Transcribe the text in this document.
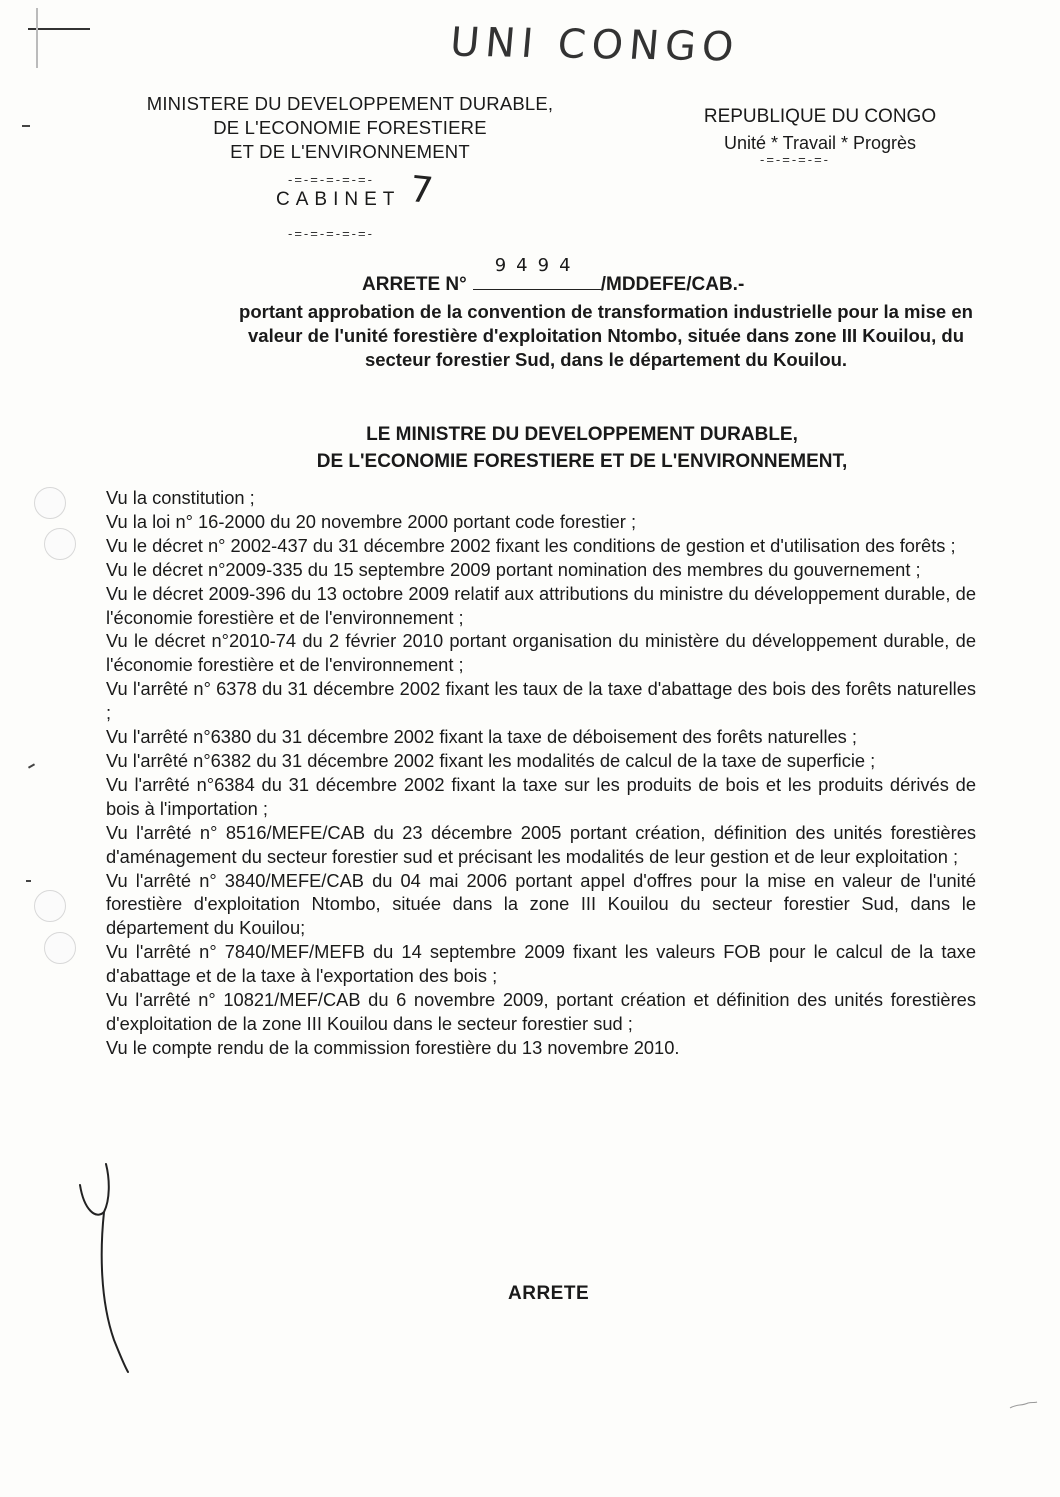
UNI CONGO
MINISTERE DU DEVELOPPEMENT DURABLE,
DE L'ECONOMIE FORESTIERE
ET DE L'ENVIRONNEMENT
-=-=-=-=-=-
CABINET 7
-=-=-=-=-=-
REPUBLIQUE DU CONGO
Unité * Travail * Progrès
-=-=-=-=-
ARRETE N°
9494
/MDDEFE/CAB.-
portant approbation de la convention de transformation industrielle pour la mise en valeur de l'unité forestière d'exploitation Ntombo, située dans zone III Kouilou, du secteur forestier Sud, dans le département du Kouilou.
LE MINISTRE DU DEVELOPPEMENT DURABLE,
DE L'ECONOMIE FORESTIERE ET DE L'ENVIRONNEMENT,

Vu la constitution ;

Vu la loi n° 16-2000 du 20 novembre 2000 portant code forestier ;

Vu le décret n° 2002-437 du 31 décembre 2002 fixant les conditions de gestion et d'utilisation des forêts ;

Vu le décret n°2009-335 du 15 septembre 2009 portant nomination des membres du gouvernement ;

Vu le décret 2009-396 du 13 octobre 2009 relatif aux attributions du ministre du développement durable, de l'économie forestière et de l'environnement ;

Vu le décret n°2010-74 du 2 février 2010 portant organisation du ministère du développement durable, de l'économie forestière et de l'environnement ;

Vu l'arrêté n° 6378 du 31 décembre 2002 fixant les taux de la taxe d'abattage des bois des forêts naturelles ;

Vu l'arrêté n°6380 du 31 décembre 2002 fixant la taxe de déboisement des forêts naturelles ;

Vu l'arrêté n°6382 du 31 décembre 2002 fixant les modalités de calcul de la taxe de superficie ;

Vu l'arrêté n°6384 du 31 décembre 2002 fixant la taxe sur les produits de bois et les produits dérivés de bois à l'importation ;

Vu l'arrêté n° 8516/MEFE/CAB du 23 décembre 2005 portant création, définition des unités forestières d'aménagement du secteur forestier sud et précisant les modalités de leur gestion et de leur exploitation ;

Vu l'arrêté n° 3840/MEFE/CAB du 04 mai 2006 portant appel d'offres pour la mise en valeur de l'unité forestière d'exploitation Ntombo, située dans la zone III Kouilou du secteur forestier Sud, dans le département du Kouilou;

Vu l'arrêté n° 7840/MEF/MEFB du 14 septembre 2009 fixant les valeurs FOB pour le calcul de la taxe d'abattage et de la taxe à l'exportation des bois ;

Vu l'arrêté n° 10821/MEF/CAB du 6 novembre 2009, portant création et définition des unités forestières d'exploitation de la zone III Kouilou dans le secteur forestier sud ;

Vu le compte rendu de la commission forestière du 13 novembre 2010.

ARRETE
